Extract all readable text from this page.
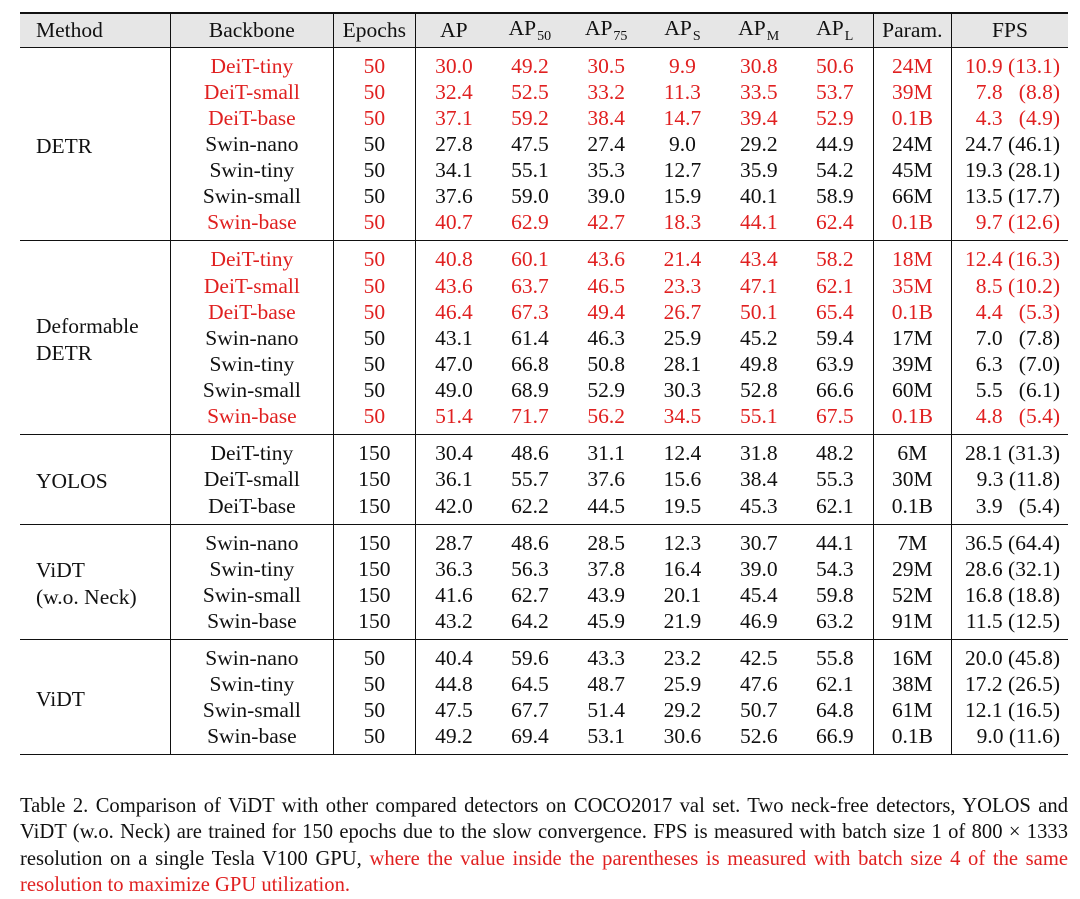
Method	Backbone	Epochs	AP	$AP_{50}$	$AP_{75}$	$AP_S$	$AP_M$	$AP_L$	Param.	FPS

DETR	DeiT-tiny	50	30.0	49.2	30.5	9.9	30.8	50.6	24M	10.9 (13.1)
	DeiT-small	50	32.4	52.5	33.2	11.3	33.5	53.7	39M	7.8   (8.8)
	DeiT-base	50	37.1	59.2	38.4	14.7	39.4	52.9	0.1B	4.3   (4.9)
	Swin-nano	50	27.8	47.5	27.4	9.0	29.2	44.9	24M	24.7 (46.1)
	Swin-tiny	50	34.1	55.1	35.3	12.7	35.9	54.2	45M	19.3 (28.1)
	Swin-small	50	37.6	59.0	39.0	15.9	40.1	58.9	66M	13.5 (17.7)
	Swin-base	50	40.7	62.9	42.7	18.3	44.1	62.4	0.1B	9.7 (12.6)

Deformable
DETR	DeiT-tiny	50	40.8	60.1	43.6	21.4	43.4	58.2	18M	12.4 (16.3)
	DeiT-small	50	43.6	63.7	46.5	23.3	47.1	62.1	35M	8.5 (10.2)
	DeiT-base	50	46.4	67.3	49.4	26.7	50.1	65.4	0.1B	4.4   (5.3)
	Swin-nano	50	43.1	61.4	46.3	25.9	45.2	59.4	17M	7.0   (7.8)
	Swin-tiny	50	47.0	66.8	50.8	28.1	49.8	63.9	39M	6.3   (7.0)
	Swin-small	50	49.0	68.9	52.9	30.3	52.8	66.6	60M	5.5   (6.1)
	Swin-base	50	51.4	71.7	56.2	34.5	55.1	67.5	0.1B	4.8   (5.4)

YOLOS	DeiT-tiny	150	30.4	48.6	31.1	12.4	31.8	48.2	6M	28.1 (31.3)
	DeiT-small	150	36.1	55.7	37.6	15.6	38.4	55.3	30M	9.3 (11.8)
	DeiT-base	150	42.0	62.2	44.5	19.5	45.3	62.1	0.1B	3.9   (5.4)

ViDT
(w.o. Neck)	Swin-nano	150	28.7	48.6	28.5	12.3	30.7	44.1	7M	36.5 (64.4)
	Swin-tiny	150	36.3	56.3	37.8	16.4	39.0	54.3	29M	28.6 (32.1)
	Swin-small	150	41.6	62.7	43.9	20.1	45.4	59.8	52M	16.8 (18.8)
	Swin-base	150	43.2	64.2	45.9	21.9	46.9	63.2	91M	11.5 (12.5)

ViDT	Swin-nano	50	40.4	59.6	43.3	23.2	42.5	55.8	16M	20.0 (45.8)
	Swin-tiny	50	44.8	64.5	48.7	25.9	47.6	62.1	38M	17.2 (26.5)
	Swin-small	50	47.5	67.7	51.4	29.2	50.7	64.8	61M	12.1 (16.5)
	Swin-base	50	49.2	69.4	53.1	30.6	52.6	66.9	0.1B	9.0 (11.6)

Table 2. Comparison of ViDT with other compared detectors on COCO2017 val set. Two neck-free detectors, YOLOS and ViDT (w.o. Neck) are trained for 150 epochs due to the slow convergence. FPS is measured with batch size 1 of 800 × 1333 resolution on a single Tesla V100 GPU, where the value inside the parentheses is measured with batch size 4 of the same resolution to maximize GPU utilization.
